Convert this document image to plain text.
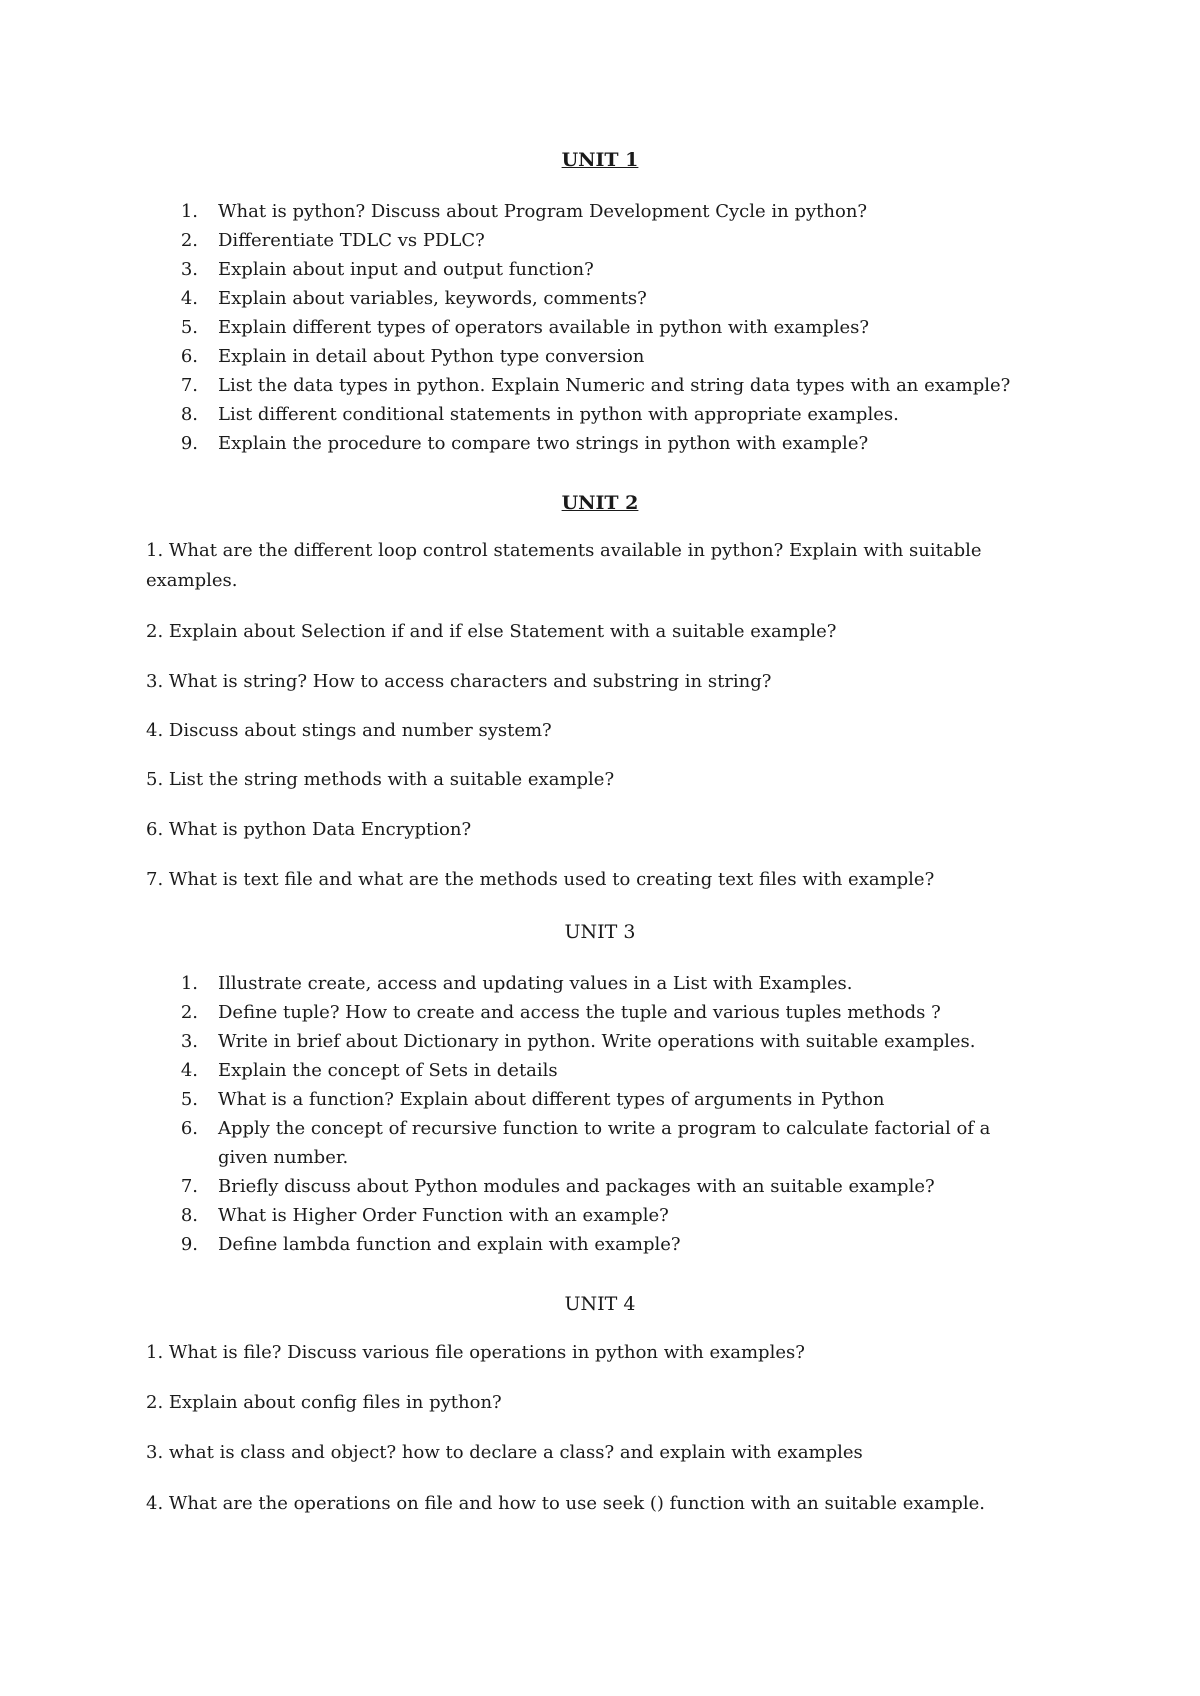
UNIT 1
1. What is python? Discuss about Program Development Cycle in python?
2. Differentiate TDLC vs PDLC?
3. Explain about input and output function?
4. Explain about variables, keywords, comments?
5. Explain different types of operators available in python with examples?
6. Explain in detail about Python type conversion
7. List the data types in python. Explain Numeric and string data types with an example?
8. List different conditional statements in python with appropriate examples.
9. Explain the procedure to compare two strings in python with example?
UNIT 2

1. What are the different loop control statements available in python? Explain with suitable examples.

2. Explain about Selection if and if else Statement with a suitable example?

3. What is string? How to access characters and substring in string?

4. Discuss about stings and number system?

5. List the string methods with a suitable example?

6. What is python Data Encryption?

7. What is text file and what are the methods used to creating text files with example?

UNIT 3
1. Illustrate create, access and updating values in a List with Examples.
2. Define tuple? How to create and access the tuple and various tuples methods ?
3. Write in brief about Dictionary in python. Write operations with suitable examples.
4. Explain the concept of Sets in details
5. What is a function? Explain about different types of arguments in Python
6. Apply the concept of recursive function to write a program to calculate factorial of a
given number.
7. Briefly discuss about Python modules and packages with an suitable example?
8. What is Higher Order Function with an example?
9. Define lambda function and explain with example?
UNIT 4

1. What is file? Discuss various file operations in python with examples?

2. Explain about config files in python?

3. what is class and object? how to declare a class? and explain with examples

4. What are the operations on file and how to use seek () function with an suitable example.
